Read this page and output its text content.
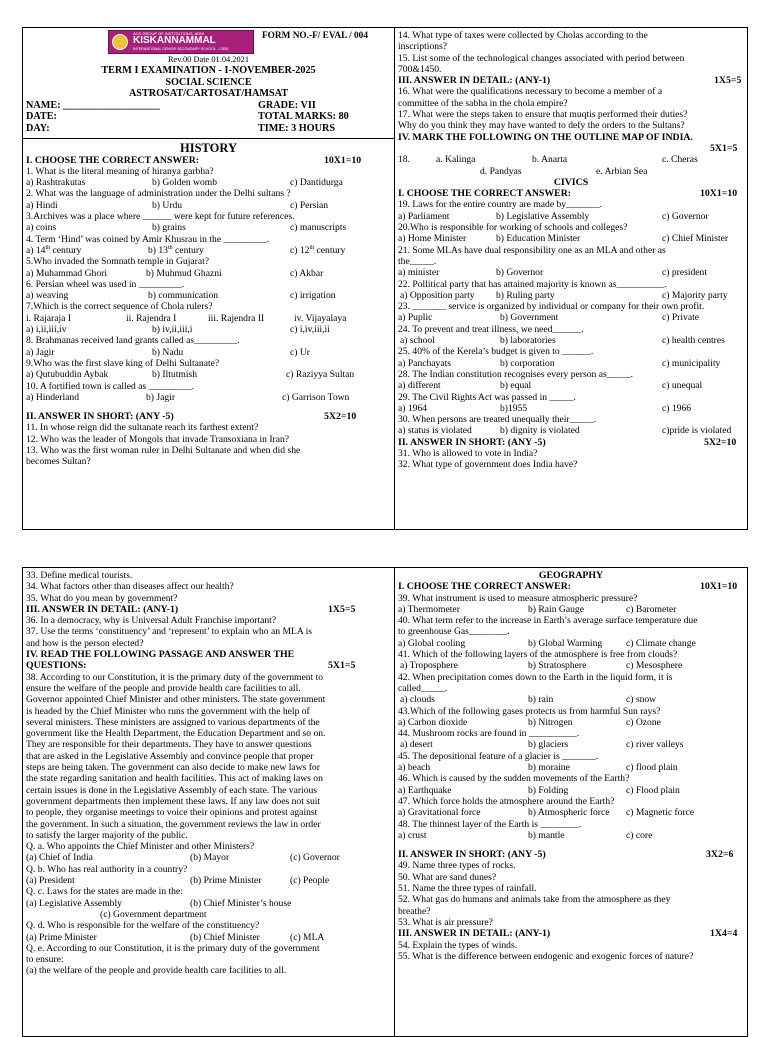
ACS GROUP OF INSTITUTIONS, ARNI
KISKANNAMMAL
INTERNATIONAL SENIOR SECONDARY SCHOOL - CBSE
FORM NO.-F/ EVAL / 004
Rev.00 Date 01.04.2021
TERM I EXAMINATION - I-NOVEMBER-2025
SOCIAL SCIENCE
ASTROSAT/CARTOSAT/HAMSAT
NAME: ___________________	GRADE: VII
DATE:	TOTAL MARKS: 80
DAY:	TIME: 3 HOURS
HISTORY
I. CHOOSE THE CORRECT ANSWER:	10X1=10
1. What is the literal meaning of hiranya garbha?
a) Rashtrakutas	b) Golden womb	c) Dantidurga
2. What was the language of administration under the Delhi sultans ?
a) Hindi	b) Urdu	c) Persian
3.Archives was a place where ______ were kept for future references.
a) coins	b) grains	c) manuscripts
4. Term ‘Hind’ was coined by Amir Khusrau in the _________.
a) 14th century	b) 13th century	c) 12th century
5.Who invaded the Somnath temple in Gujarat?
a) Muhammad Ghori	b) Muhmud Ghazni	c) Akbar
6. Persian wheel was used in _________.
a) weaving	b) communication	c) irrigation
7.Which is the correct sequence of Chola rulers?
i. Rajaraja I	ii. Rajendra I	iii. Rajendra II	iv. Vijayalaya
a) i,ii,iii,iv	b) iv,ii,iii,i	c) i,iv,iii,ii
8. Brahmanas received land grants called as_________.
a) Jagir	b) Nadu	c) Ur
9.Who was the first slave king of Delhi Sultanate?
a) Qutubuddin Aybak	b) Iltutmish	c) Raziyya Sultan
10. A fortified town is called as _________.
a) Hinderland	b) Jagir	c) Garrison Town
II. ANSWER IN SHORT: (ANY -5)	5X2=10
11. In whose reign did the sultanate reach its farthest extent?
12. Who was the leader of Mongols that invade Transoxiana in Iran?
13. Who was the first woman ruler in Delhi Sultanate and when did she
becomes Sultan?
14. What type of taxes were collected by Cholas according to the
inscriptions?
15. List some of the technological changes associated with period between
700&1450.
III. ANSWER IN DETAIL: (ANY-1)	1X5=5
16. What were the qualifications necessary to become a member of a
committee of the sabha in the chola empire?
17. What were the steps taken to ensure that muqtis performed their duties?
Why do you think they may have wanted to defy the orders to the Sultans?
IV. MARK THE FOLLOWING ON THE OUTLINE MAP OF INDIA.
5X1=5
18.	a. Kalinga	b. Anarta	c. Cheras
d. Pandyas	e. Arbian Sea
CIVICS
I. CHOOSE THE CORRECT ANSWER:	10X1=10
19. Laws for the entire country are made by_______.
a) Parliament	b) Legislative Assembly	c) Governor
20.Who is responsible for working of schools and colleges?
a) Home Minister	b) Education Minister	c) Chief Minister
21. Some MLAs have dual responsibility one as an MLA and other as
the_____.
a) minister	b) Governor	c) president
22. Pollitical party that has attained majority is known as__________.
a) Opposition party b) Ruling party	c) Majority party
23. _______ service is organized by individual or company for their own profit.
a) Puplic	b) Government	c) Private
24. To prevent and treat illness, we need______.
a) school	b) laboratories	c) health centres
25. 40% of the Kerela’s budget is given to ______.
a) Panchayats	b) corporation	c) municipality
28. The Indian constitution recognises every person as_____.
a) different	b) equal	c) unequal
29. The Civil Rights Act was passed in _____.
a) 1964	b)1955	c) 1966
30. When persons are treated unequally their_____.
a) status is violated	b) dignity is violated	c)pride is violated
II. ANSWER IN SHORT: (ANY -5)	5X2=10
31. Who is allowed to vote in India?
32. What type of government does India have?
33. Define medical tourists.
34. What factors other than diseases affect our health?
35. What do you mean by government?
III. ANSWER IN DETAIL: (ANY-1)	1X5=5
36. In a democracy, why is Universal Adult Franchise important?
37. Use the terms ‘constituency’ and ‘represent’ to explain who an MLA is
and how is the person elected?
IV. READ THE FOLLOWING PASSAGE AND ANSWER THE
QUESTIONS:	5X1=5
38. According to our Constitution, it is the primary duty of the government to
ensure the welfare of the people and provide health care facilities to all.
Governor appointed Chief Minister and other ministers. The state government
is headed by the Chief Minister who runs the government with the help of
several ministers. These ministers are assigned to various departments of the
government like the Health Department, the Education Department and so on.
They are responsible for their departments. They have to answer questions
that are asked in the Legislative Assembly and convince people that proper
steps are being taken. The government can also decide to make new laws for
the state regarding sanitation and health facilities. This act of making laws on
certain issues is done in the Legislative Assembly of each state. The various
government departments then implement these laws. If any law does not suit
to people, they organise meetings to voice their opinions and protest against
the government. In such a situation, the government reviews the law in order
to satisfy the larger majority of the public.
Q. a. Who appoints the Chief Minister and other Ministers?
(a) Chief of India	(b) Mayor	(c) Governor
Q. b. Who has real authority in a country?
(a) President	(b) Prime Minister	(c) People
Q. c. Laws for the states are made in the:
(a) Legislative Assembly	(b) Chief Minister’s house
(c) Government department
Q. d. Who is responsible for the welfare of the constituency?
(a) Prime Minister	(b) Chief Minister	(c) MLA
Q. e. According to our Constitution, it is the primary duty of the government
to ensure:
(a) the welfare of the people and provide health care facilities to all.
GEOGRAPHY
I. CHOOSE THE CORRECT ANSWER:	10X1=10
39. What instrument is used to measure atmospheric pressure?
a) Thermometer	b) Rain Gauge	c) Barometer
40. What term refer to the increase in Earth’s average surface temperature due
to greenhouse Gas________.
a) Global cooling	b) Global Warming c) Climate change
41. Which of the following layers of the atmosphere is free from clouds?
a) Troposphere	b) Stratosphere	c) Mesosphere
42. When precipitation comes down to the Earth in the liquid form, it is
called_____.
a) clouds	b) rain	c) snow
43.Which of the following gases protects us from harmful Sun rays?
a) Carbon dioxide	b) Nitrogen	c) Ozone
44. Mushroom rocks are found in __________.
a) desert	b) glaciers	c) river valleys
45. The depositional feature of a glacier is _______.
a) beach	b) moraine	c) flood plain
46. Which is caused by the sudden movements of the Earth?
a) Earthquake	b) Folding	c) Flood plain
47. Which force holds the atmosphere around the Earth?
a) Gravitational force	b) Atmospheric force c) Magnetic force
48. The thinnest layer of the Earth is ________.
a) crust	b) mantle	c) core
II. ANSWER IN SHORT: (ANY -5)	3X2=6
49. Name three types of rocks.
50. What are sand dunes?
51. Name the three types of rainfall.
52. What gas do humans and animals take from the atmosphere as they
breathe?
53. What is air pressure?
III. ANSWER IN DETAIL: (ANY-1)	1X4=4
54. Explain the types of winds.
55. What is the difference between endogenic and exogenic forces of nature?
